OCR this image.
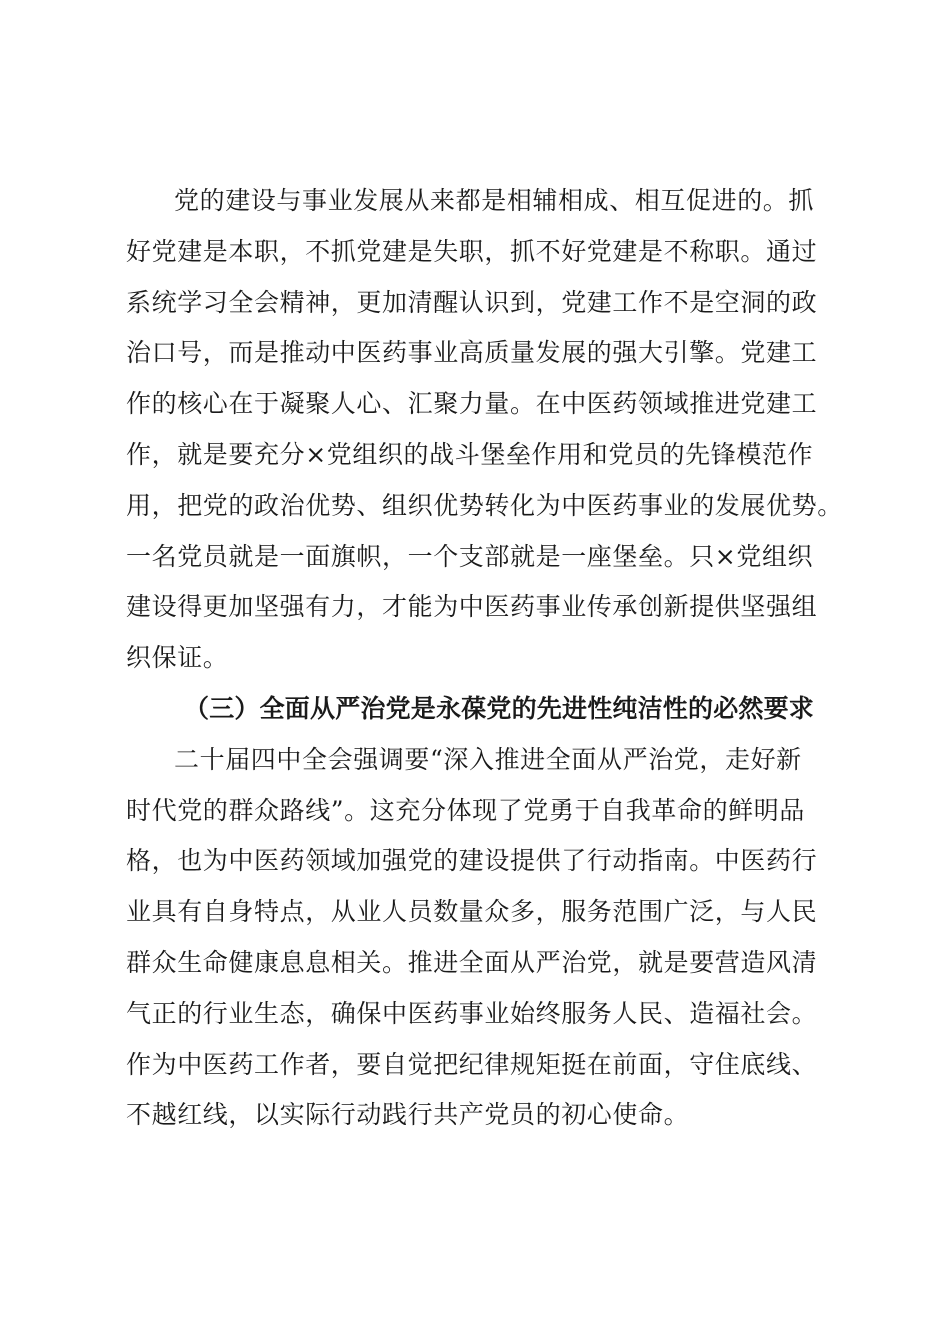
党的建设与事业发展从来都是相辅相成、相互促进的。抓
好党建是本职，不抓党建是失职，抓不好党建是不称职。通过
系统学习全会精神，更加清醒认识到，党建工作不是空洞的政
治口号，而是推动中医药事业高质量发展的强大引擎。党建工
作的核心在于凝聚人心、汇聚力量。在中医药领域推进党建工
作，就是要充分×党组织的战斗堡垒作用和党员的先锋模范作
用，把党的政治优势、组织优势转化为中医药事业的发展优势。
一名党员就是一面旗帜，一个支部就是一座堡垒。只×党组织
建设得更加坚强有力，才能为中医药事业传承创新提供坚强组
织保证。
（三）全面从严治党是永葆党的先进性纯洁性的必然要求
二十届四中全会强调要“深入推进全面从严治党，走好新
时代党的群众路线”。这充分体现了党勇于自我革命的鲜明品
格，也为中医药领域加强党的建设提供了行动指南。中医药行
业具有自身特点，从业人员数量众多，服务范围广泛，与人民
群众生命健康息息相关。推进全面从严治党，就是要营造风清
气正的行业生态，确保中医药事业始终服务人民、造福社会。
作为中医药工作者，要自觉把纪律规矩挺在前面，守住底线、
不越红线，以实际行动践行共产党员的初心使命。
